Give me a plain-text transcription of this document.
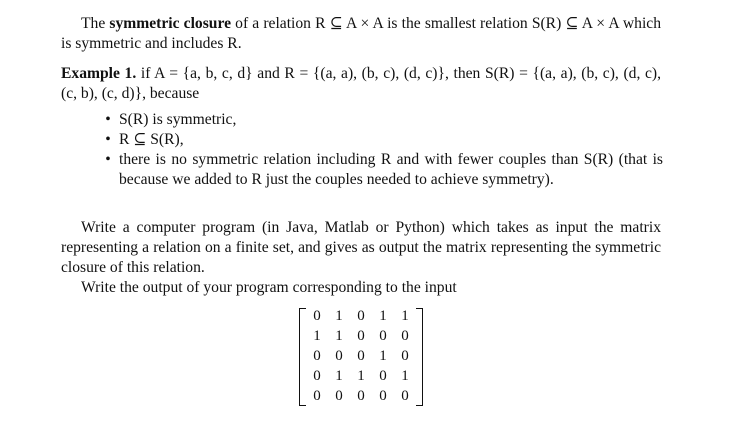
The symmetric closure of a relation R ⊆ A × A is the smallest relation S(R) ⊆ A × A which is symmetric and includes R.
Example 1. if A = {a, b, c, d} and R = {(a, a), (b, c), (d, c)}, then S(R) = {(a, a), (b, c), (d, c), (c, b), (c, d)}, because
• S(R) is symmetric,
• R ⊆ S(R),
• there is no symmetric relation including R and with fewer couples than S(R) (that is because we added to R just the couples needed to achieve symmetry).
Write a computer program (in Java, Matlab or Python) which takes as input the matrix representing a relation on a finite set, and gives as output the matrix representing the symmetric closure of this relation.
Write the output of your program corresponding to the input
0	1	0	1	1
1	1	0	0	0
0	0	0	1	0
0	1	1	0	1
0	0	0	0	0
